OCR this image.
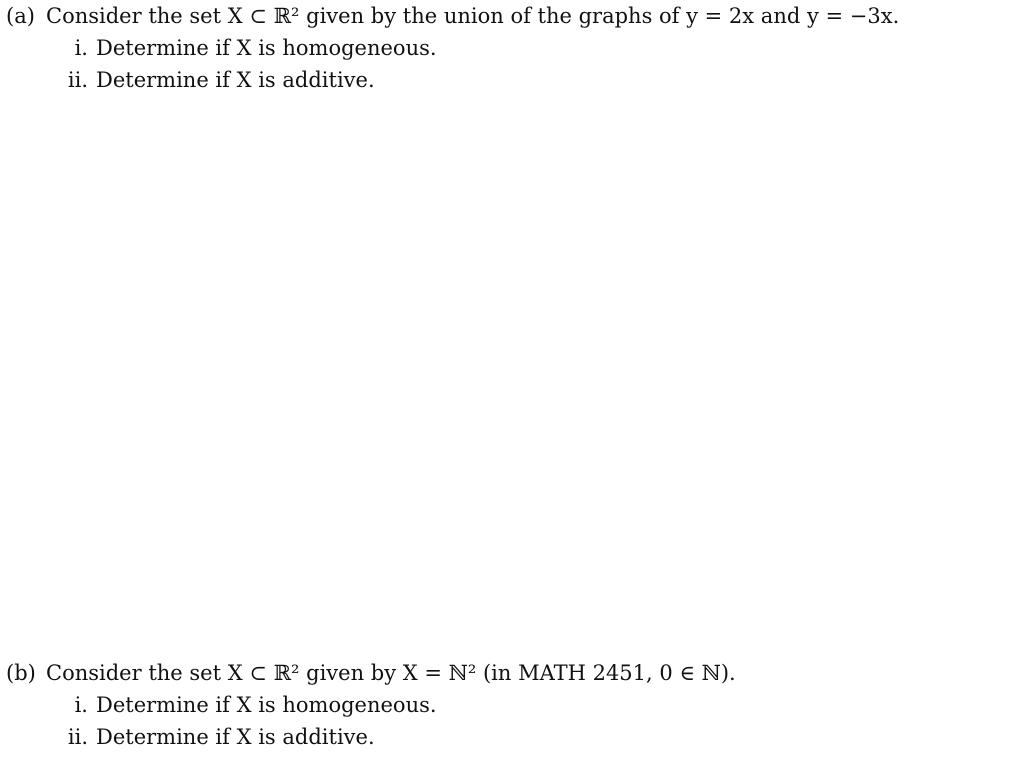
(a) Consider the set X ⊂ ℝ² given by the union of the graphs of y = 2x and y = −3x.
i. Determine if X is homogeneous.
ii. Determine if X is additive.
(b) Consider the set X ⊂ ℝ² given by X = ℕ² (in MATH 2451, 0 ∈ ℕ).
i. Determine if X is homogeneous.
ii. Determine if X is additive.
